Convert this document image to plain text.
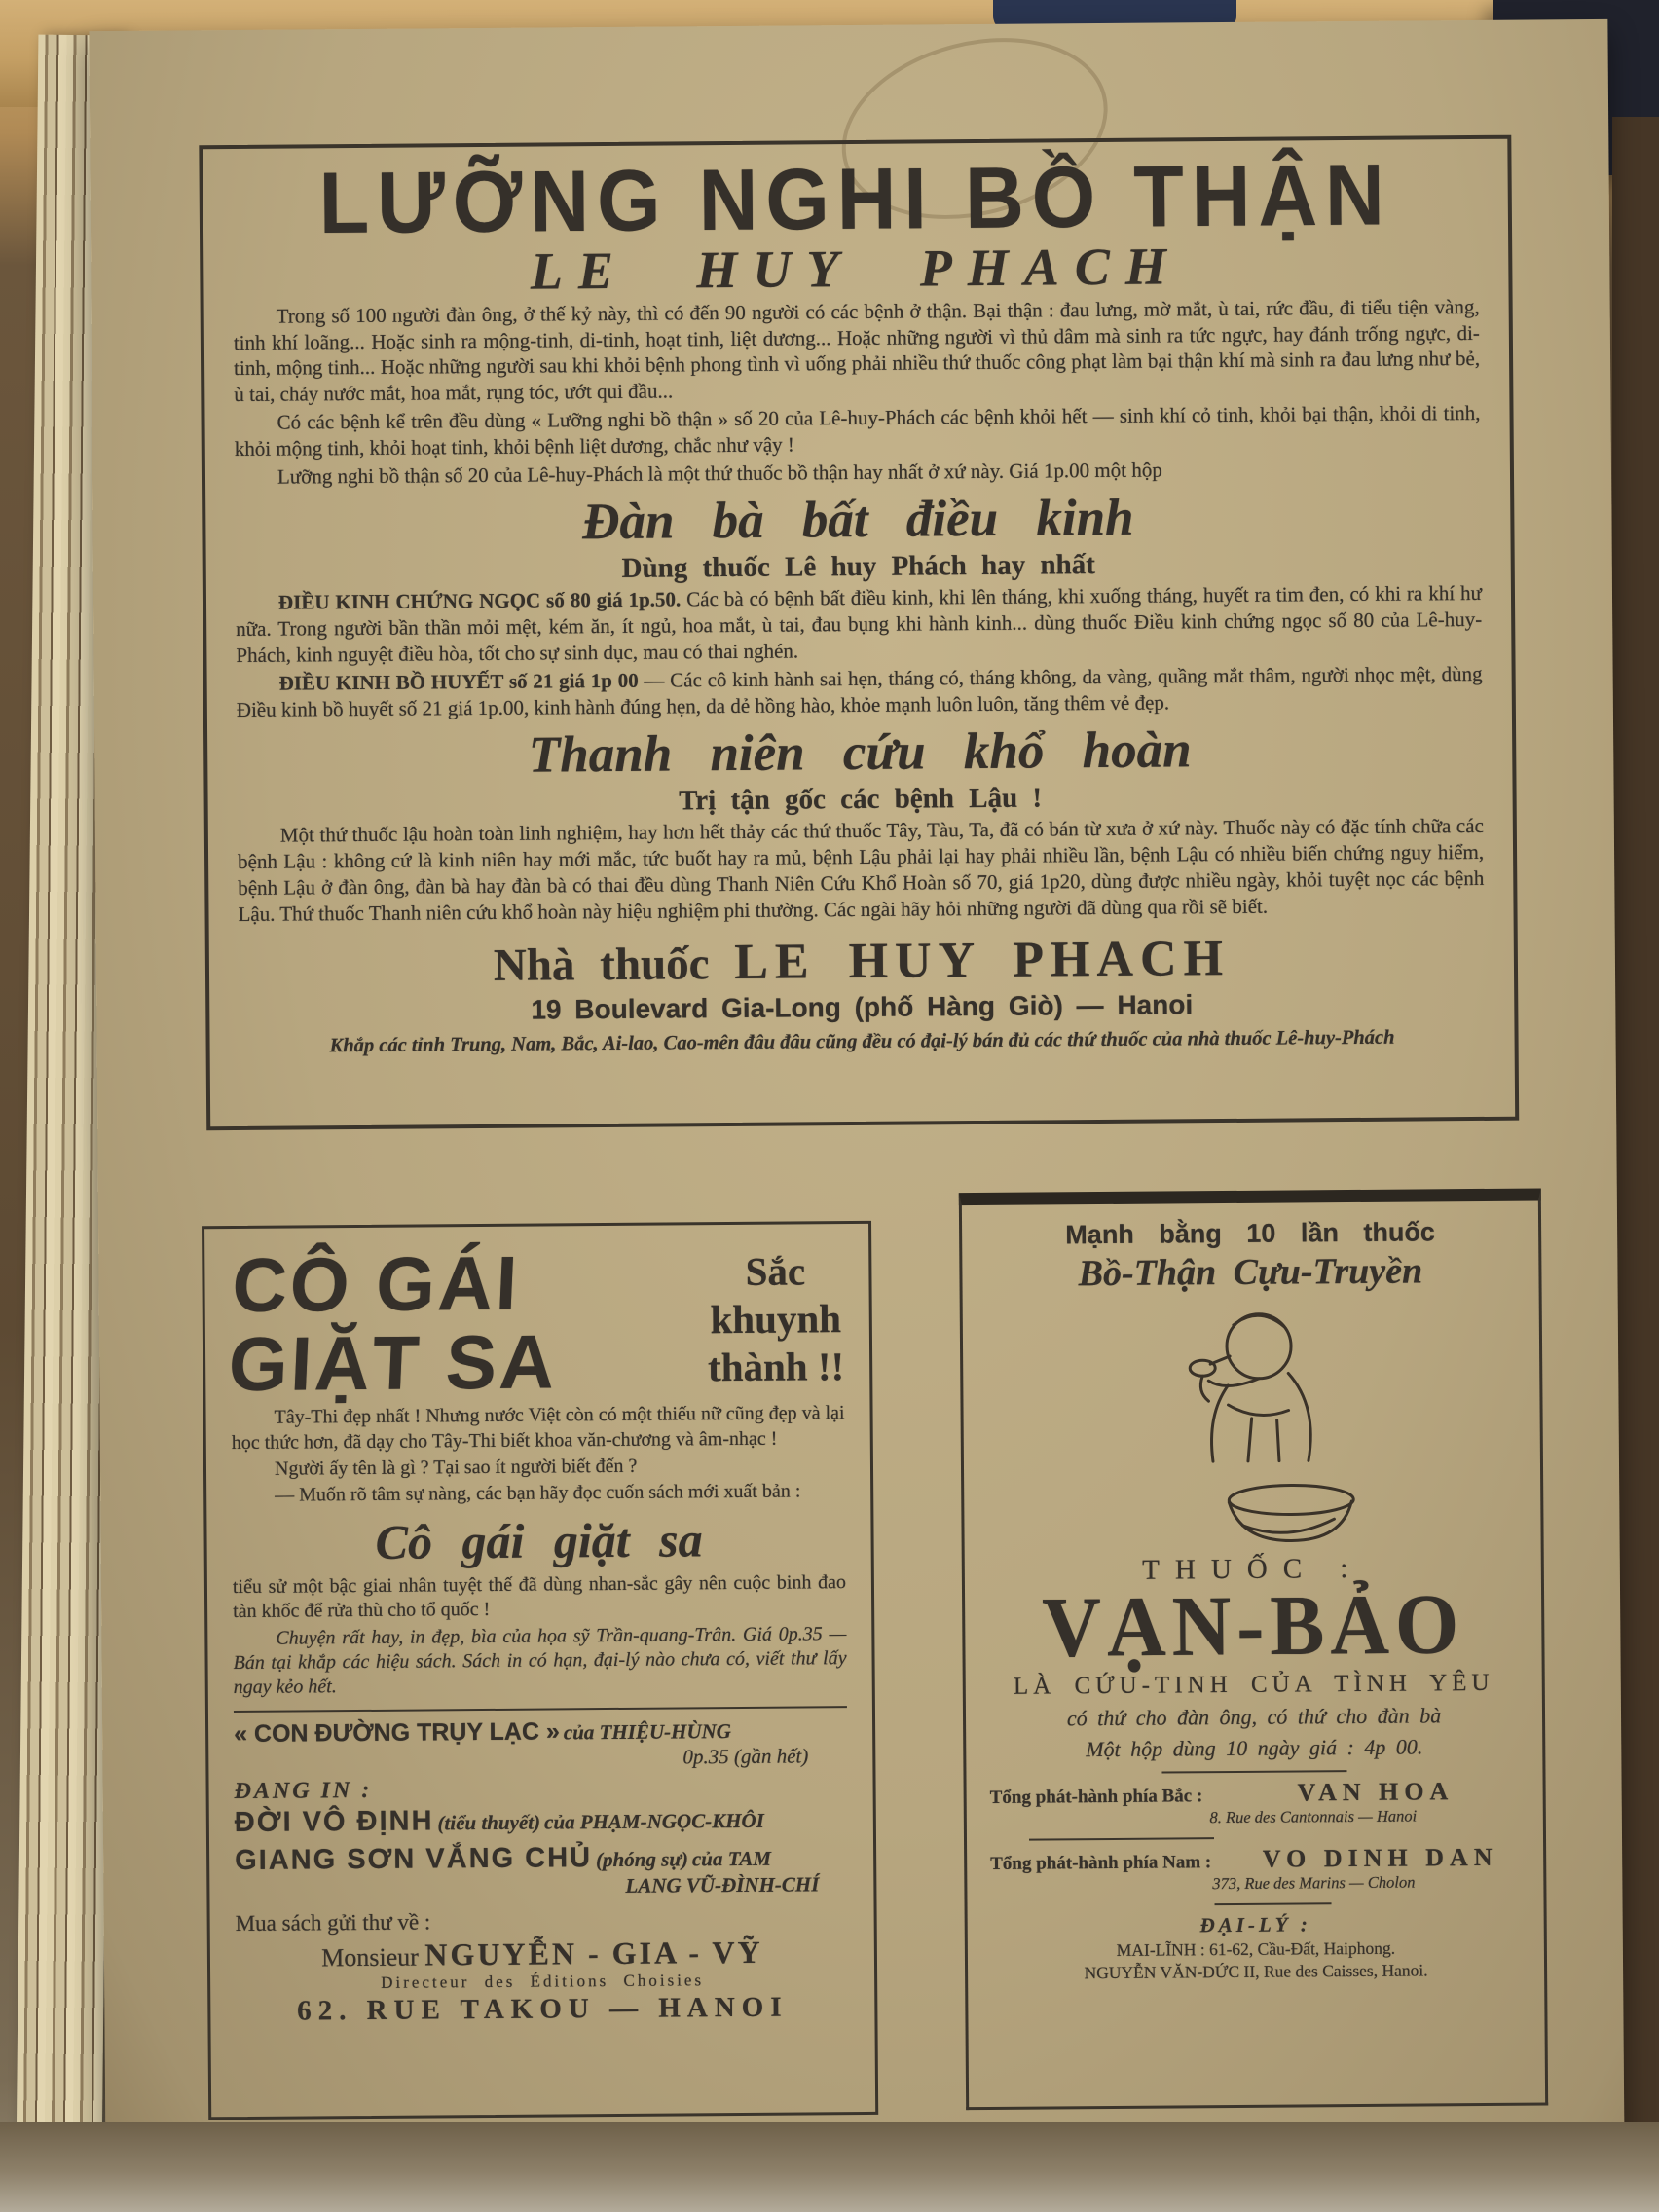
LƯỠNG NGHI BỒ THẬN
LE HUY PHACH

Trong số 100 người đàn ông, ở thế kỷ này, thì có đến 90 người có các bệnh ở thận. Bại thận : đau lưng, mờ mắt, ù tai, rức đầu, đi tiểu tiện vàng, tinh khí loãng... Hoặc sinh ra mộng-tinh, di-tinh, hoạt tinh, liệt dương... Hoặc những người vì thủ dâm mà sinh ra tức ngực, hay đánh trống ngực, di-tinh, mộng tinh... Hoặc những người sau khi khỏi bệnh phong tình vì uống phải nhiều thứ thuốc công phạt làm bại thận khí mà sinh ra đau lưng như bẻ, ù tai, chảy nước mắt, hoa mắt, rụng tóc, ướt qui đầu...

Có các bệnh kể trên đều dùng « Lưỡng nghi bồ thận » số 20 của Lê-huy-Phách các bệnh khỏi hết — sinh khí cỏ tinh, khỏi bại thận, khỏi di tinh, khỏi mộng tinh, khỏi hoạt tinh, khỏi bệnh liệt dương, chắc như vậy !

Lưỡng nghi bồ thận số 20 của Lê-huy-Phách là một thứ thuốc bồ thận hay nhất ở xứ này. Giá 1p.00 một hộp

Đàn bà bất điều kinh
Dùng thuốc Lê huy Phách hay nhất

ĐIỀU KINH CHỨNG NGỌC số 80 giá 1p.50. Các bà có bệnh bất điều kinh, khi lên tháng, khi xuống tháng, huyết ra tim đen, có khi ra khí hư nữa. Trong người bần thần mỏi mệt, kém ăn, ít ngủ, hoa mắt, ù tai, đau bụng khi hành kinh... dùng thuốc Điều kinh chứng ngọc số 80 của Lê-huy-Phách, kinh nguyệt điều hòa, tốt cho sự sinh dục, mau có thai nghén.

ĐIỀU KINH BỒ HUYẾT số 21 giá 1p 00 — Các cô kinh hành sai hẹn, tháng có, tháng không, da vàng, quầng mắt thâm, người nhọc mệt, dùng Điều kinh bồ huyết số 21 giá 1p.00, kinh hành đúng hẹn, da dẻ hồng hào, khỏe mạnh luôn luôn, tăng thêm vẻ đẹp.

Thanh niên cứu khổ hoàn
Trị tận gốc các bệnh Lậu !

Một thứ thuốc lậu hoàn toàn linh nghiệm, hay hơn hết thảy các thứ thuốc Tây, Tàu, Ta, đã có bán từ xưa ở xứ này. Thuốc này có đặc tính chữa các bệnh Lậu : không cứ là kinh niên hay mới mắc, tức buốt hay ra mủ, bệnh Lậu phải lại hay phải nhiều lần, bệnh Lậu có nhiều biến chứng nguy hiểm, bệnh Lậu ở đàn ông, đàn bà hay đàn bà có thai đều dùng Thanh Niên Cứu Khổ Hoàn số 70, giá 1p20, dùng được nhiều ngày, khỏi tuyệt nọc các bệnh Lậu. Thứ thuốc Thanh niên cứu khổ hoàn này hiệu nghiệm phi thường. Các ngài hãy hỏi những người đã dùng qua rồi sẽ biết.

Nhà thuốc LE HUY PHACH
19 Boulevard Gia-Long (phố Hàng Giò) — Hanoi
Khắp các tỉnh Trung, Nam, Bắc, Ai-lao, Cao-mên đâu đâu cũng đều có đại-lý bán đủ các thứ thuốc của nhà thuốc Lê-huy-Phách
CÔ GÁI
GIẶT SA
Sắc
khuynh
thành !!

Tây-Thi đẹp nhất ! Nhưng nước Việt còn có một thiếu nữ cũng đẹp và lại học thức hơn, đã dạy cho Tây-Thi biết khoa văn-chương và âm-nhạc !

Người ấy tên là gì ? Tại sao ít người biết đến ?

— Muốn rõ tâm sự nàng, các bạn hãy đọc cuốn sách mới xuất bản :

Cô gái giặt sa

tiểu sử một bậc giai nhân tuyệt thế đã dùng nhan-sắc gây nên cuộc binh đao tàn khốc để rửa thù cho tổ quốc !

Chuyện rất hay, in đẹp, bìa của họa sỹ Trần-quang-Trân. Giá 0p.35 — Bán tại khắp các hiệu sách. Sách in có hạn, đại-lý nào chưa có, viết thư lấy ngay kẻo hết.

« CON ĐƯỜNG TRỤY LẠC » của THIỆU-HÙNG
0p.35 (gần hết)
ĐANG IN :
ĐỜI VÔ ĐỊNH (tiểu thuyết) của PHẠM-NGỌC-KHÔI
GIANG SƠN VẮNG CHỦ (phóng sự) của TAM
LANG VŨ-ĐÌNH-CHÍ
Mua sách gửi thư về :
Monsieur NGUYỄN - GIA - VỸ
Directeur des Éditions Choisies
62. RUE TAKOU — HANOI
Mạnh bằng 10 lần thuốc
Bồ-Thận Cựu-Truyền
THUỐC :
VẠN-BẢO
LÀ CỨU-TINH CỦA TÌNH YÊU
có thứ cho đàn ông, có thứ cho đàn bà
Một hộp dùng 10 ngày giá : 4p 00.
Tổng phát-hành phía Bắc :	VAN HOA
8. Rue des Cantonnais — Hanoi
Tổng phát-hành phía Nam :	VO DINH DAN
373, Rue des Marins — Cholon
ĐẠI-LÝ :
MAI-LĨNH : 61-62, Cầu-Đất, Haiphong.
NGUYỄN VĂN-ĐỨC II, Rue des Caisses, Hanoi.
